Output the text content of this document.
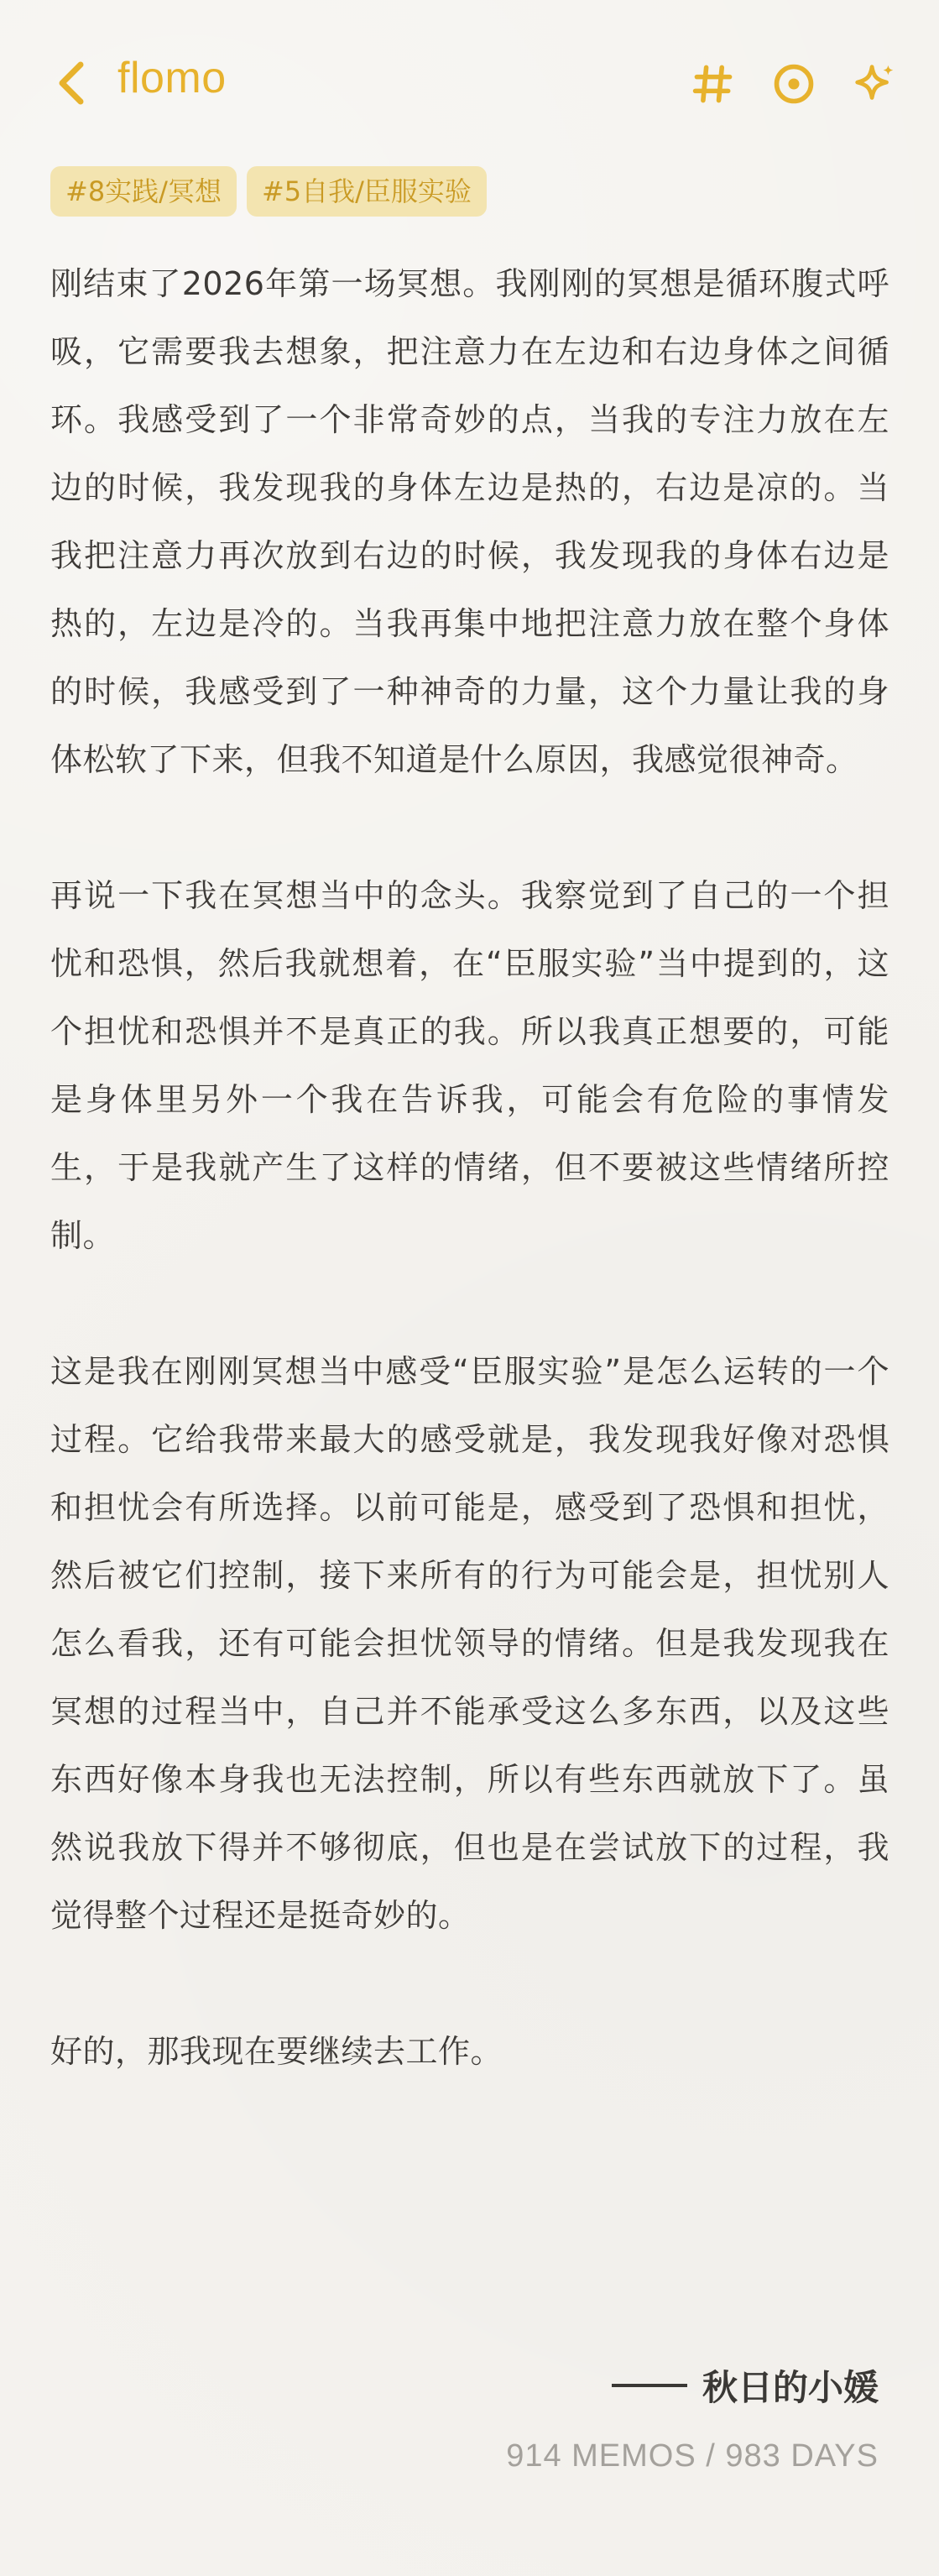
flomo
#8实践/冥想	#5自我/臣服实验

刚结束了2026年第一场冥想。我刚刚的冥想是循环腹式呼吸，它需要我去想象，把注意力在左边和右边身体之间循环。我感受到了一个非常奇妙的点，当我的专注力放在左边的时候，我发现我的身体左边是热的，右边是凉的。当我把注意力再次放到右边的时候，我发现我的身体右边是热的，左边是冷的。当我再集中地把注意力放在整个身体的时候，我感受到了一种神奇的力量，这个力量让我的身体松软了下来，但我不知道是什么原因，我感觉很神奇。

再说一下我在冥想当中的念头。我察觉到了自己的一个担忧和恐惧，然后我就想着，在“臣服实验”当中提到的，这个担忧和恐惧并不是真正的我。所以我真正想要的，可能是身体里另外一个我在告诉我，可能会有危险的事情发生，于是我就产生了这样的情绪，但不要被这些情绪所控制。

这是我在刚刚冥想当中感受“臣服实验”是怎么运转的一个过程。它给我带来最大的感受就是，我发现我好像对恐惧和担忧会有所选择。以前可能是，感受到了恐惧和担忧，然后被它们控制，接下来所有的行为可能会是，担忧别人怎么看我，还有可能会担忧领导的情绪。但是我发现我在冥想的过程当中，自己并不能承受这么多东西，以及这些东西好像本身我也无法控制，所以有些东西就放下了。虽然说我放下得并不够彻底，但也是在尝试放下的过程，我觉得整个过程还是挺奇妙的。

好的，那我现在要继续去工作。

秋日的小媛
914 MEMOS / 983 DAYS
